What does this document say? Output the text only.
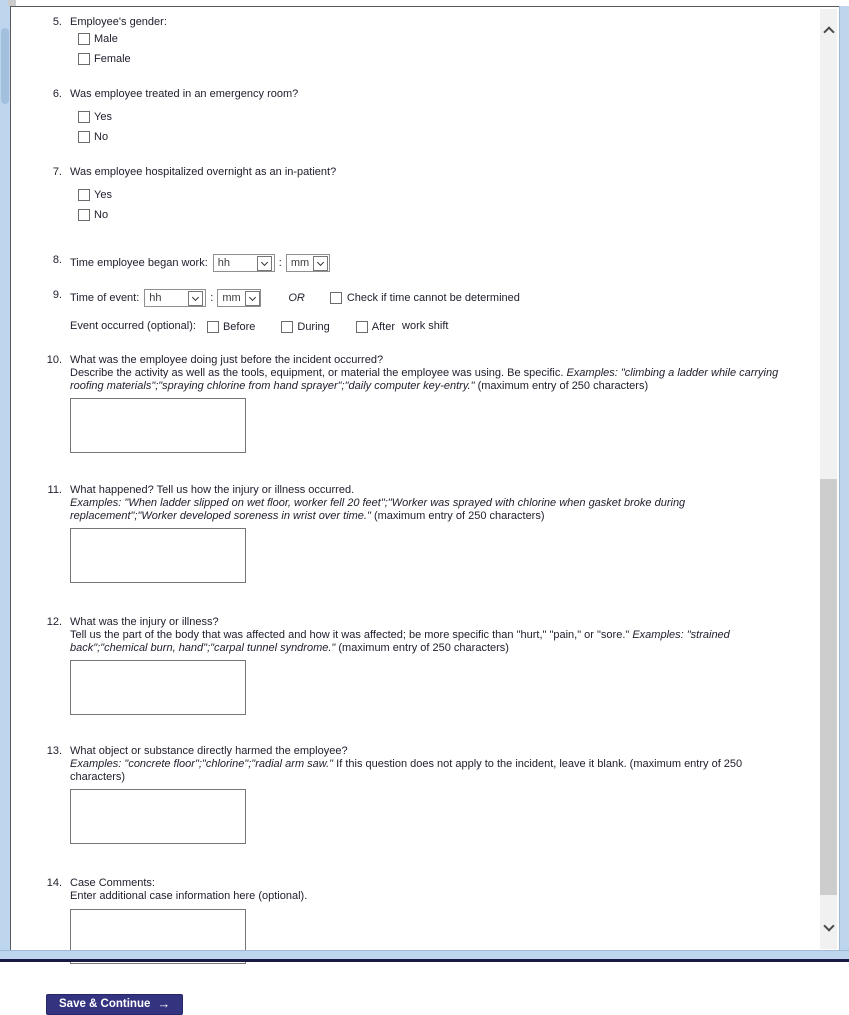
5. Employee's gender:
Male
Female
6. Was employee treated in an emergency room?
Yes
No
7. Was employee hospitalized overnight as an in-patient?
Yes
No
8. Time employee began work: hh	: mm
9. Time of event: hh	: mm	OR	Check if time cannot be determined
Event occurred (optional): Before	During	After work shift
10. What was the employee doing just before the incident occurred?
Describe the activity as well as the tools, equipment, or material the employee was using. Be specific. Examples: "climbing a ladder while carrying roofing materials";"spraying chlorine from hand sprayer";"daily computer key-entry." (maximum entry of 250 characters)
11. What happened? Tell us how the injury or illness occurred.
Examples: "When ladder slipped on wet floor, worker fell 20 feet";"Worker was sprayed with chlorine when gasket broke during replacement";"Worker developed soreness in wrist over time." (maximum entry of 250 characters)
12. What was the injury or illness?
Tell us the part of the body that was affected and how it was affected; be more specific than "hurt," "pain," or "sore." Examples: "strained back";"chemical burn, hand";"carpal tunnel syndrome." (maximum entry of 250 characters)
13. What object or substance directly harmed the employee?
Examples: "concrete floor";"chlorine";"radial arm saw." If this question does not apply to the incident, leave it blank. (maximum entry of 250 characters)
14. Case Comments:
Enter additional case information here (optional).
Save & Continue →
